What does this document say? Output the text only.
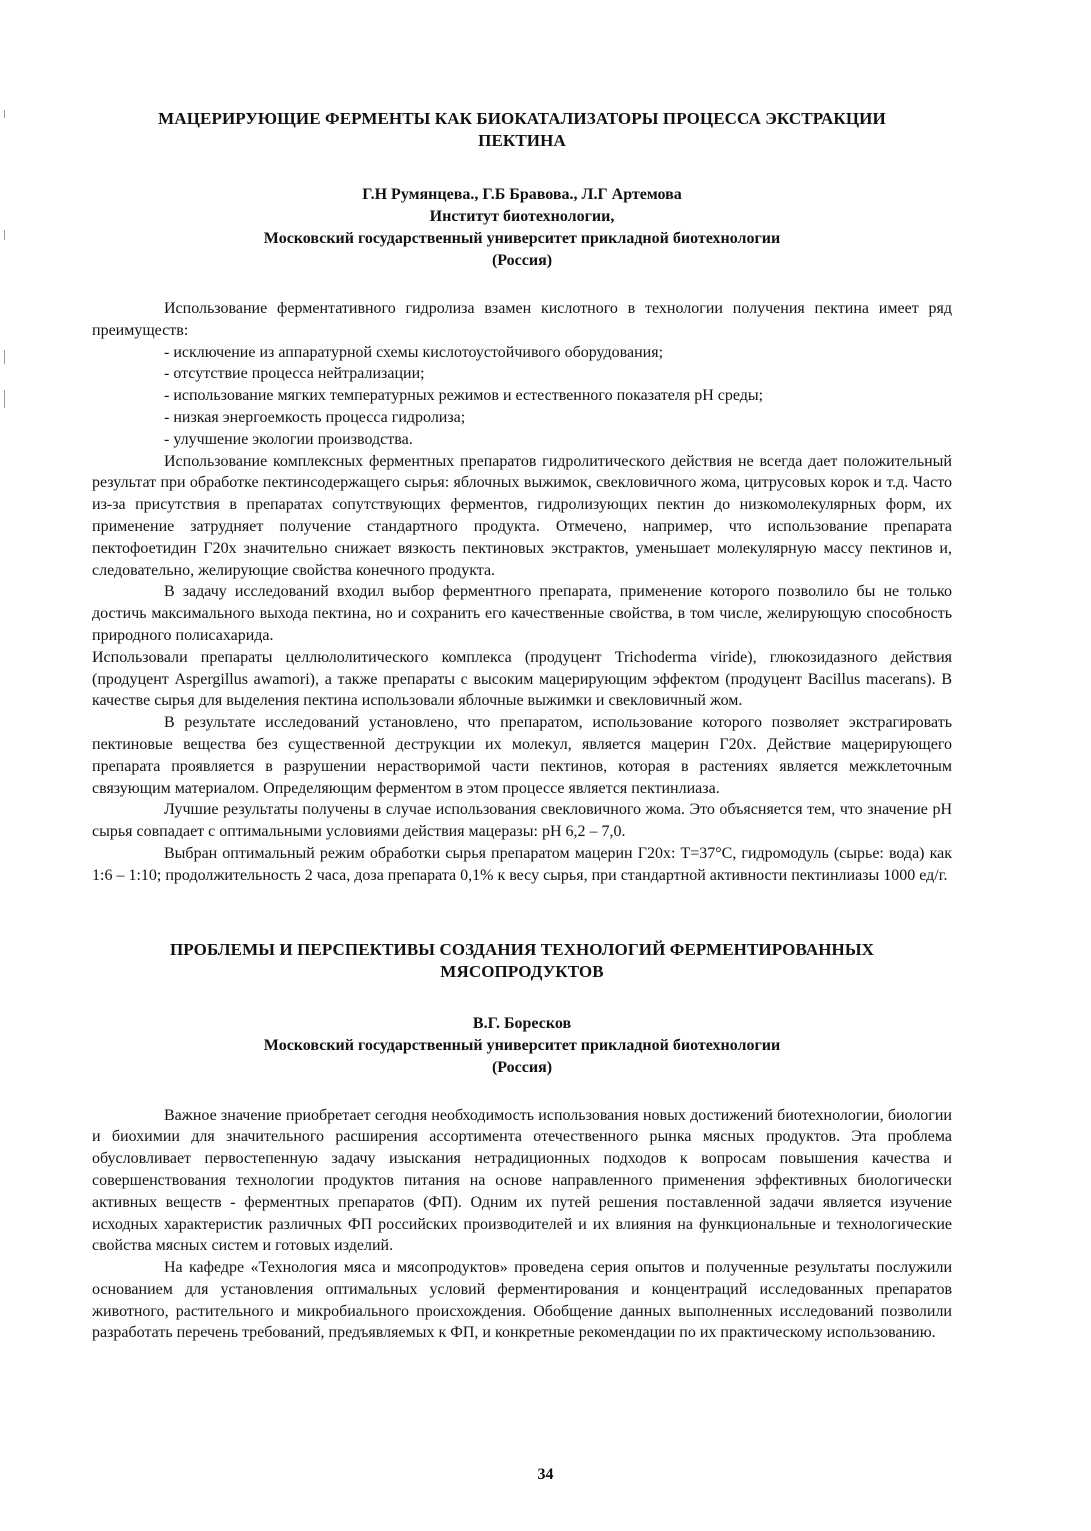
МАЦЕРИРУЮЩИЕ ФЕРМЕНТЫ КАК БИОКАТАЛИЗАТОРЫ ПРОЦЕССА ЭКСТРАКЦИИ

ПЕКТИНА

Г.Н Румянцева., Г.Б Бравова., Л.Г Артемова

Институт биотехнологии,

Московский государственный университет прикладной биотехнологии

(Россия)

Использование ферментативного гидролиза взамен кислотного в технологии получения пектина имеет ряд преимуществ:

- исключение из аппаратурной схемы кислотоустойчивого оборудования;
- отсутствие процесса нейтрализации;
- использование мягких температурных режимов и естественного показателя рН среды;
- низкая энергоемкость процесса гидролиза;
- улучшение экологии производства.

Использование комплексных ферментных препаратов гидролитического действия не всегда дает положительный результат при обработке пектинсодержащего сырья: яблочных выжимок, свекловичного жома, цитрусовых корок и т.д. Часто из-за присутствия в препаратах сопутствующих ферментов, гидролизующих пектин до низкомолекулярных форм, их применение затрудняет получение стандартного продукта. Отмечено, например, что использование препарата пектофоетидин Г20х значительно снижает вязкость пектиновых экстрактов, уменьшает молекулярную массу пектинов и, следовательно, желирующие свойства конечного продукта.

В задачу исследований входил выбор ферментного препарата, применение которого позволило бы не только достичь максимального выхода пектина, но и сохранить его качественные свойства, в том числе, желирующую способность природного полисахарида.

Использовали препараты целлюлолитического комплекса (продуцент Trichoderma viride), глюкозидазного действия (продуцент Aspergillus awamori), а также препараты с высоким мацерирующим эффектом (продуцент Bacillus macerans). В качестве сырья для выделения пектина использовали яблочные выжимки и свекловичный жом.

В результате исследований установлено, что препаратом, использование которого позволяет экстрагировать пектиновые вещества без существенной деструкции их молекул, является мацерин Г20х. Действие мацерирующего препарата проявляется в разрушении нерастворимой части пектинов, которая в растениях является межклеточным связующим материалом. Определяющим ферментом в этом процессе является пектинлиаза.

Лучшие результаты получены в случае использования свекловичного жома. Это объясняется тем, что значение рН сырья совпадает с оптимальными условиями действия мацеразы: рН 6,2 – 7,0.

Выбран оптимальный режим обработки сырья препаратом мацерин Г20х: Т=37°С, гидромодуль (сырье: вода) как 1:6 – 1:10; продолжительность 2 часа, доза препарата 0,1% к весу сырья, при стандартной активности пектинлиазы 1000 ед/г.

ПРОБЛЕМЫ И ПЕРСПЕКТИВЫ СОЗДАНИЯ ТЕХНОЛОГИЙ ФЕРМЕНТИРОВАННЫХ

МЯСОПРОДУКТОВ

В.Г. Боресков

Московский государственный университет прикладной биотехнологии

(Россия)

Важное значение приобретает сегодня необходимость использования новых достижений биотехнологии, биологии и биохимии для значительного расширения ассортимента отечественного рынка мясных продуктов. Эта проблема обусловливает первостепенную задачу изыскания нетрадиционных подходов к вопросам повышения качества и совершенствования технологии продуктов питания на основе направленного применения эффективных биологически активных веществ - ферментных препаратов (ФП). Одним их путей решения поставленной задачи является изучение исходных характеристик различных ФП российских производителей и их влияния на функциональные и технологические свойства мясных систем и готовых изделий.

На кафедре «Технология мяса и мясопродуктов» проведена серия опытов и полученные результаты послужили основанием для установления оптимальных условий ферментирования и концентраций исследованных препаратов животного, растительного и микробиального происхождения. Обобщение данных выполненных исследований позволили разработать перечень требований, предъявляемых к ФП, и конкретные рекомендации по их практическому использованию.

34
